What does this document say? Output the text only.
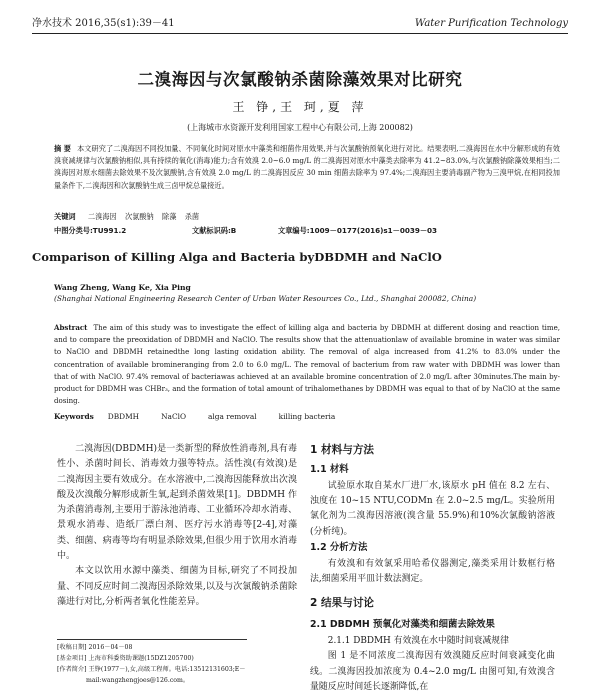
净水技术 2016,35(s1):39－41	Water Purification Technology
二溴海因与次氯酸钠杀菌除藻效果对比研究
王 铮,王 珂,夏 萍
(上海城市水资源开发利用国家工程中心有限公司,上海 200082)
摘 要 本文研究了二溴海因不同投加量、不同氧化时间对原水中藻类和细菌作用效果,并与次氯酸钠预氧化进行对比。结果表明,二溴海因在水中分解形成的有效溴衰减规律与次氯酸钠相似,具有持续的氧化(消毒)能力;含有效溴 2.0~6.0 mg/L 的二溴海因对原水中藻类去除率为 41.2~83.0%,与次氯酸钠除藻效果相当;二溴海因对原水细菌去除效果不及次氯酸钠,含有效溴 2.0 mg/L 的二溴海因反应 30 min 细菌去除率为 97.4%;二溴海因主要消毒副产物为三溴甲烷,在相同投加量条件下,二溴海因和次氯酸钠生成三卤甲烷总量接近。
关键词 二溴海因 次氯酸钠 除藻 杀菌
中图分类号:TU991.2	文献标识码:B	文章编号:1009－0177(2016)s1－0039－03
Comparison of Killing Alga and Bacteria byDBDMH and NaClO
Wang Zheng, Wang Ke, Xia Ping
(Shanghai National Engineering Research Center of Urban Water Resources Co., Ltd., Shanghai 200082, China)
Abstract The aim of this study was to investigate the effect of killing alga and bacteria by DBDMH at different dosing and reaction time, and to compare the preoxidation of DBDMH and NaClO. The results show that the attenuationlaw of available bromine in water was similar to NaClO and DBDMH retainedthe long lasting oxidation ability. The removal of alga increased from 41.2% to 83.0% under the concentration of available bromineranging from 2.0 to 6.0 mg/L. The removal of bacterium from raw water with DBDMH was lower than that of with NaClO. 97.4% removal of bacteriawas achieved at an available bromine concentration of 2.0 mg/L after 30minutes.The main by-product for DBDMH was CHBr₃, and the formation of total amount of trihalomethanes by DBDMH was equal to that of by NaClO at the same dosing.
Keywords DBDMH	NaClO	alga removal	killing bacteria

二溴海因(DBDMH)是一类新型的释放性消毒剂,具有毒性小、杀菌时间长、消毒效力强等特点。活性溴(有效溴)是二溴海因主要有效成分。在水溶液中,二溴海因能释放出次溴酸及次溴酸分解形成新生氧,起到杀菌效果[1]。DBDMH 作为杀菌消毒剂,主要用于游泳池消毒、工业循环冷却水消毒、景观水消毒、造纸厂漂白剂、医疗污水消毒等[2-4],对藻类、细菌、病毒等均有明显杀除效果,但很少用于饮用水消毒中。

本文以饮用水源中藻类、细菌为目标,研究了不同投加量、不同反应时间二溴海因杀除效果,以及与次氯酸钠杀菌除藻进行对比,分析两者氧化性能差异。

[收稿日期] 2016－04－08
[基金项目] 上海市科委资助课题(15DZ1205700)
[作者简介] 王铮(1977－),女,高级工程师。电话:13512131603;E－
mail:wangzhengjoes@126.com。
1 材料与方法
1.1 材料

试验原水取自某水厂进厂水,该原水 pH 值在 8.2 左右、浊度在 10~15 NTU,CODMn 在 2.0~2.5 mg/L。实验所用氯化剂为二溴海因溶液(溴含量 55.9%)和10%次氯酸钠溶液(分析纯)。

1.2 分析方法

有效溴和有效氯采用哈希仪器测定,藻类采用计数框行格法,细菌采用平皿计数法测定。

2 结果与讨论
2.1 DBDMH 预氧化对藻类和细菌去除效果

2.1.1 DBDMH 有效溴在水中随时间衰减规律

图 1 是不同浓度二溴海因有效溴随反应时间衰减变化曲线。二溴海因投加浓度为 0.4~2.0 mg/L 由图可知,有效溴含量随反应时间延长逐渐降低,在
